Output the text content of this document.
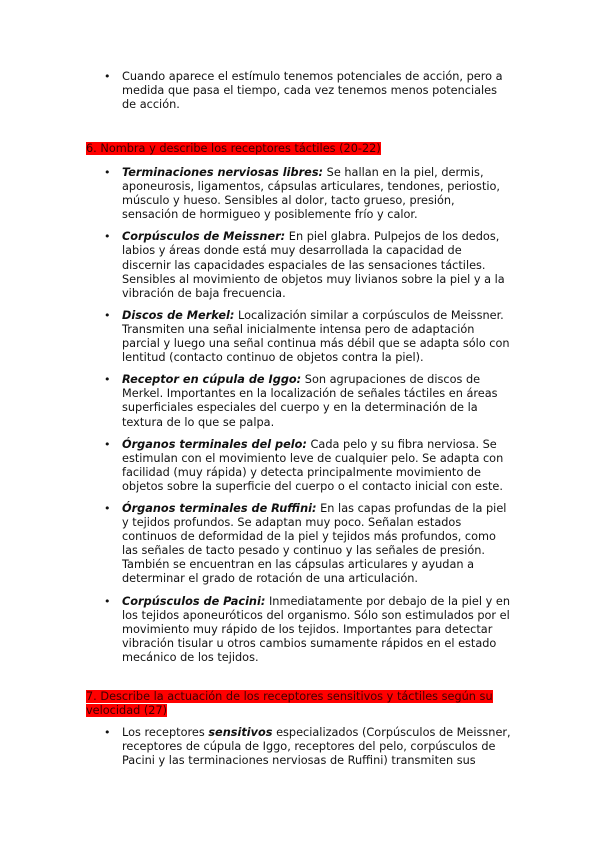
• Cuando aparece el estímulo tenemos potenciales de acción, pero a medida que pasa el tiempo, cada vez tenemos menos potenciales de acción.
6. Nombra y describe los receptores táctiles (20-22)
• Terminaciones nerviosas libres: Se hallan en la piel, dermis, aponeurosis, ligamentos, cápsulas articulares, tendones, periostio, músculo y hueso. Sensibles al dolor, tacto grueso, presión, sensación de hormigueo y posiblemente frío y calor.
• Corpúsculos de Meissner: En piel glabra. Pulpejos de los dedos, labios y áreas donde está muy desarrollada la capacidad de discernir las capacidades espaciales de las sensaciones táctiles. Sensibles al movimiento de objetos muy livianos sobre la piel y a la vibración de baja frecuencia.
• Discos de Merkel: Localización similar a corpúsculos de Meissner. Transmiten una señal inicialmente intensa pero de adaptación parcial y luego una señal continua más débil que se adapta sólo con lentitud (contacto continuo de objetos contra la piel).
• Receptor en cúpula de Iggo: Son agrupaciones de discos de Merkel. Importantes en la localización de señales táctiles en áreas superficiales especiales del cuerpo y en la determinación de la textura de lo que se palpa.
• Órganos terminales del pelo: Cada pelo y su fibra nerviosa. Se estimulan con el movimiento leve de cualquier pelo. Se adapta con facilidad (muy rápida) y detecta principalmente movimiento de objetos sobre la superficie del cuerpo o el contacto inicial con este.
• Órganos terminales de Ruffini: En las capas profundas de la piel y tejidos profundos. Se adaptan muy poco. Señalan estados continuos de deformidad de la piel y tejidos más profundos, como las señales de tacto pesado y continuo y las señales de presión. También se encuentran en las cápsulas articulares y ayudan a determinar el grado de rotación de una articulación.
• Corpúsculos de Pacini: Inmediatamente por debajo de la piel y en los tejidos aponeuróticos del organismo. Sólo son estimulados por el movimiento muy rápido de los tejidos. Importantes para detectar vibración tisular u otros cambios sumamente rápidos en el estado mecánico de los tejidos.
7. Describe la actuación de los receptores sensitivos y táctiles según su velocidad (27)
• Los receptores sensitivos especializados (Corpúsculos de Meissner, receptores de cúpula de Iggo, receptores del pelo, corpúsculos de Pacini y las terminaciones nerviosas de Ruffini) transmiten sus
